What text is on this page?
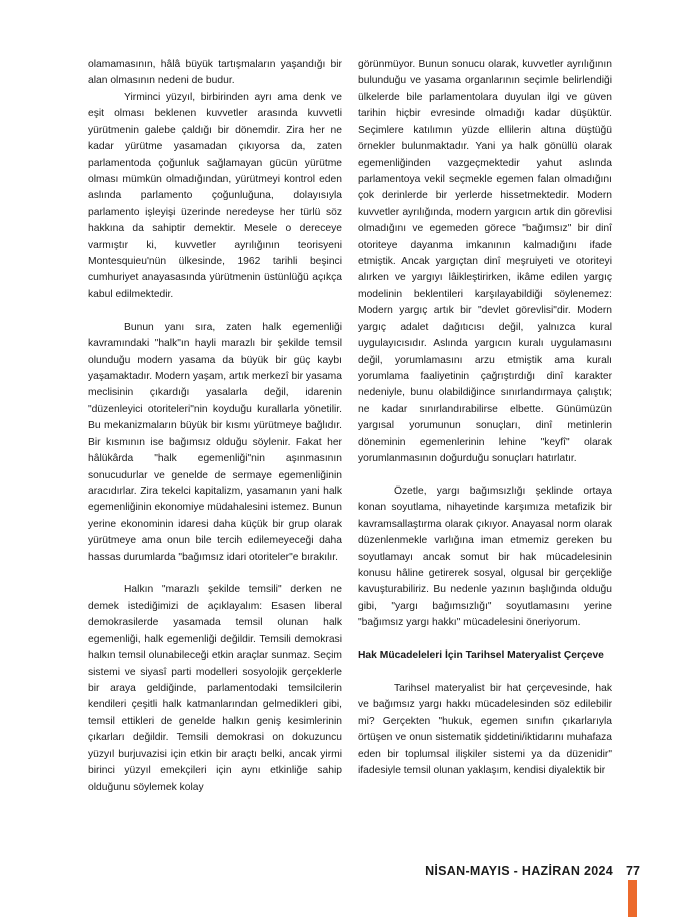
olamamasının, hâlâ büyük tartışmaların yaşandığı bir alan olmasının nedeni de budur.

Yirminci yüzyıl, birbirinden ayrı ama denk ve eşit olması beklenen kuvvetler arasında kuvvetli yürütmenin galebe çaldığı bir dönemdir. Zira her ne kadar yürütme yasamadan çıkıyorsa da, zaten parlamentoda çoğunluk sağlamayan gücün yürütme olması mümkün olmadığından, yürütmeyi kontrol eden aslında parlamento çoğunluğuna, dolayısıyla parlamento işleyişi üzerinde neredeyse her türlü söz hakkına da sahiptir demektir. Mesele o dereceye varmıştır ki, kuvvetler ayrılığının teorisyeni Montesquieu'nün ülkesinde, 1962 tarihli beşinci cumhuriyet anayasasında yürütmenin üstünlüğü açıkça kabul edilmektedir.

Bunun yanı sıra, zaten halk egemenliği kavramındaki "halk"ın hayli marazlı bir şekilde temsil olunduğu modern yasama da büyük bir güç kaybı yaşamaktadır. Modern yaşam, artık merkezî bir yasama meclisinin çıkardığı yasalarla değil, idarenin "düzenleyici otoriteleri"nin koyduğu kurallarla yönetilir. Bu mekanizmaların büyük bir kısmı yürütmeye bağlıdır. Bir kısmının ise bağımsız olduğu söylenir. Fakat her hâlükârda "halk egemenliği"nin aşınmasının sonucudurlar ve genelde de sermaye egemenliğinin aracıdırlar. Zira tekelci kapitalizm, yasamanın yani halk egemenliğinin ekonomiye müdahalesini istemez. Bunun yerine ekonominin idaresi daha küçük bir grup olarak yürütmeye ama onun bile tercih edilemeyeceği daha hassas durumlarda "bağımsız idari otoriteler"e bırakılır.

Halkın "marazlı şekilde temsili" derken ne demek istediğimizi de açıklayalım: Esasen liberal demokrasilerde yasamada temsil olunan halk egemenliği, halk egemenliği değildir. Temsili demokrasi halkın temsil olunabileceği etkin araçlar sunmaz. Seçim sistemi ve siyasî parti modelleri sosyolojik gerçeklerle bir araya geldiğinde, parlamentodaki temsilcilerin kendileri çeşitli halk katmanlarından gelmedikleri gibi, temsil ettikleri de genelde halkın geniş kesimlerinin çıkarları değildir. Temsili demokrasi on dokuzuncu yüzyıl burjuvazisi için etkin bir araçtı belki, ancak yirmi birinci yüzyıl emekçileri için aynı etkinliğe sahip olduğunu söylemek kolay

görünmüyor. Bunun sonucu olarak, kuvvetler ayrılığının bulunduğu ve yasama organlarının seçimle belirlendiği ülkelerde bile parlamentolara duyulan ilgi ve güven tarihin hiçbir evresinde olmadığı kadar düşüktür. Seçimlere katılımın yüzde ellilerin altına düştüğü örnekler bulunmaktadır. Yani ya halk gönüllü olarak egemenliğinden vazgeçmektedir yahut aslında parlamentoya vekil seçmekle egemen falan olmadığını çok derinlerde bir yerlerde hissetmektedir. Modern kuvvetler ayrılığında, modern yargıcın artık din görevlisi olmadığını ve egemeden görece "bağımsız" bir dinî otoriteye dayanma imkanının kalmadığını ifade etmiştik. Ancak yargıçtan dinî meşruiyeti ve otoriteyi alırken ve yargıyı lâikleştirirken, ikâme edilen yargıç modelinin beklentileri karşılayabildiği söylenemez: Modern yargıç artık bir "devlet görevlisi"dir. Modern yargıç adalet dağıtıcısı değil, yalnızca kural uygulayıcısıdır. Aslında yargıcın kuralı uygulamasını değil, yorumlamasını arzu etmiştik ama kuralı yorumlama faaliyetinin çağrıştırdığı dinî karakter nedeniyle, bunu olabildiğince sınırlandırmaya çalıştık; ne kadar sınırlandırabilirse elbette. Günümüzün yargısal yorumunun sonuçları, dinî metinlerin döneminin egemenlerinin lehine "keyfî" olarak yorumlanmasının doğurduğu sonuçları hatırlatır.

Özetle, yargı bağımsızlığı şeklinde ortaya konan soyutlama, nihayetinde karşımıza metafizik bir kavramsallaştırma olarak çıkıyor. Anayasal norm olarak düzenlenmekle varlığına iman etmemiz gereken bu soyutlamayı ancak somut bir hak mücadelesinin konusu hâline getirerek sosyal, olgusal bir gerçekliğe kavuşturabiliriz. Bu nedenle yazının başlığında olduğu gibi, "yargı bağımsızlığı" soyutlamasını yerine "bağımsız yargı hakkı" mücadelesini öneriyorum.

Hak Mücadeleleri İçin Tarihsel Materyalist Çerçeve

Tarihsel materyalist bir hat çerçevesinde, hak ve bağımsız yargı hakkı mücadelesinden söz edilebilir mi? Gerçekten "hukuk, egemen sınıfın çıkarlarıyla örtüşen ve onun sistematik şiddetini/iktidarını muhafaza eden bir toplumsal ilişkiler sistemi ya da düzenidir" ifadesiyle temsil olunan yaklaşım, kendisi diyalektik bir

NİSAN-MAYIS - HAZİRAN 2024 77
